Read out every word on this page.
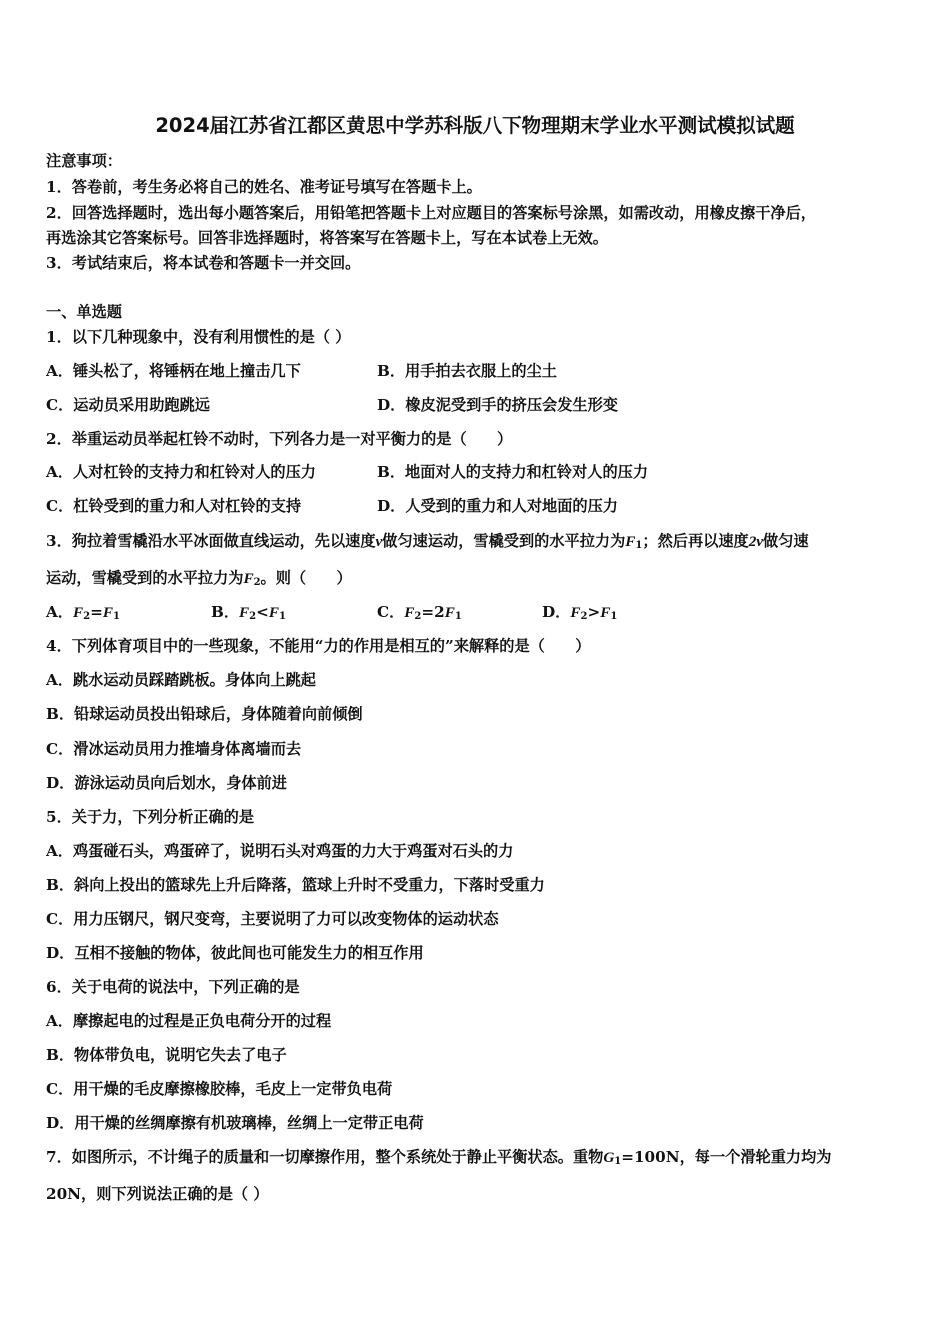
2024届江苏省江都区黄思中学苏科版八下物理期末学业水平测试模拟试题
注意事项：
1．答卷前，考生务必将自己的姓名、准考证号填写在答题卡上。
2．回答选择题时，选出每小题答案后，用铅笔把答题卡上对应题目的答案标号涂黑，如需改动，用橡皮擦干净后，
再选涂其它答案标号。回答非选择题时，将答案写在答题卡上，写在本试卷上无效。
3．考试结束后，将本试卷和答题卡一并交回。
一、单选题
1．以下几种现象中，没有利用惯性的是（ ）
A．锤头松了，将锤柄在地上撞击几下	B．用手拍去衣服上的尘土
C．运动员采用助跑跳远	D．橡皮泥受到手的挤压会发生形变
2．举重运动员举起杠铃不动时，下列各力是一对平衡力的是（　　）
A．人对杠铃的支持力和杠铃对人的压力	B．地面对人的支持力和杠铃对人的压力
C．杠铃受到的重力和人对杠铃的支持	D．人受到的重力和人对地面的压力
3．狗拉着雪橇沿水平冰面做直线运动，先以速度v做匀速运动，雪橇受到的水平拉力为$F_1$；然后再以速度2v做匀速
运动，雪橇受到的水平拉力为$F_2$。则（　　）
A．$F_2=F_1$	B．$F_2<F_1$	C．$F_2=2F_1$	D．$F_2>F_1$
4．下列体育项目中的一些现象，不能用“力的作用是相互的”来解释的是（　　）
A．跳水运动员踩踏跳板。身体向上跳起
B．铅球运动员投出铅球后，身体随着向前倾倒
C．滑冰运动员用力推墙身体离墙而去
D．游泳运动员向后划水，身体前进
5．关于力，下列分析正确的是
A．鸡蛋碰石头，鸡蛋碎了，说明石头对鸡蛋的力大于鸡蛋对石头的力
B．斜向上投出的篮球先上升后降落，篮球上升时不受重力，下落时受重力
C．用力压钢尺，钢尺变弯，主要说明了力可以改变物体的运动状态
D．互相不接触的物体，彼此间也可能发生力的相互作用
6．关于电荷的说法中，下列正确的是
A．摩擦起电的过程是正负电荷分开的过程
B．物体带负电，说明它失去了电子
C．用干燥的毛皮摩擦橡胶棒，毛皮上一定带负电荷
D．用干燥的丝绸摩擦有机玻璃棒，丝绸上一定带正电荷
7．如图所示，不计绳子的质量和一切摩擦作用，整个系统处于静止平衡状态。重物$G_1=100N$，每一个滑轮重力均为
20N，则下列说法正确的是（ ）
